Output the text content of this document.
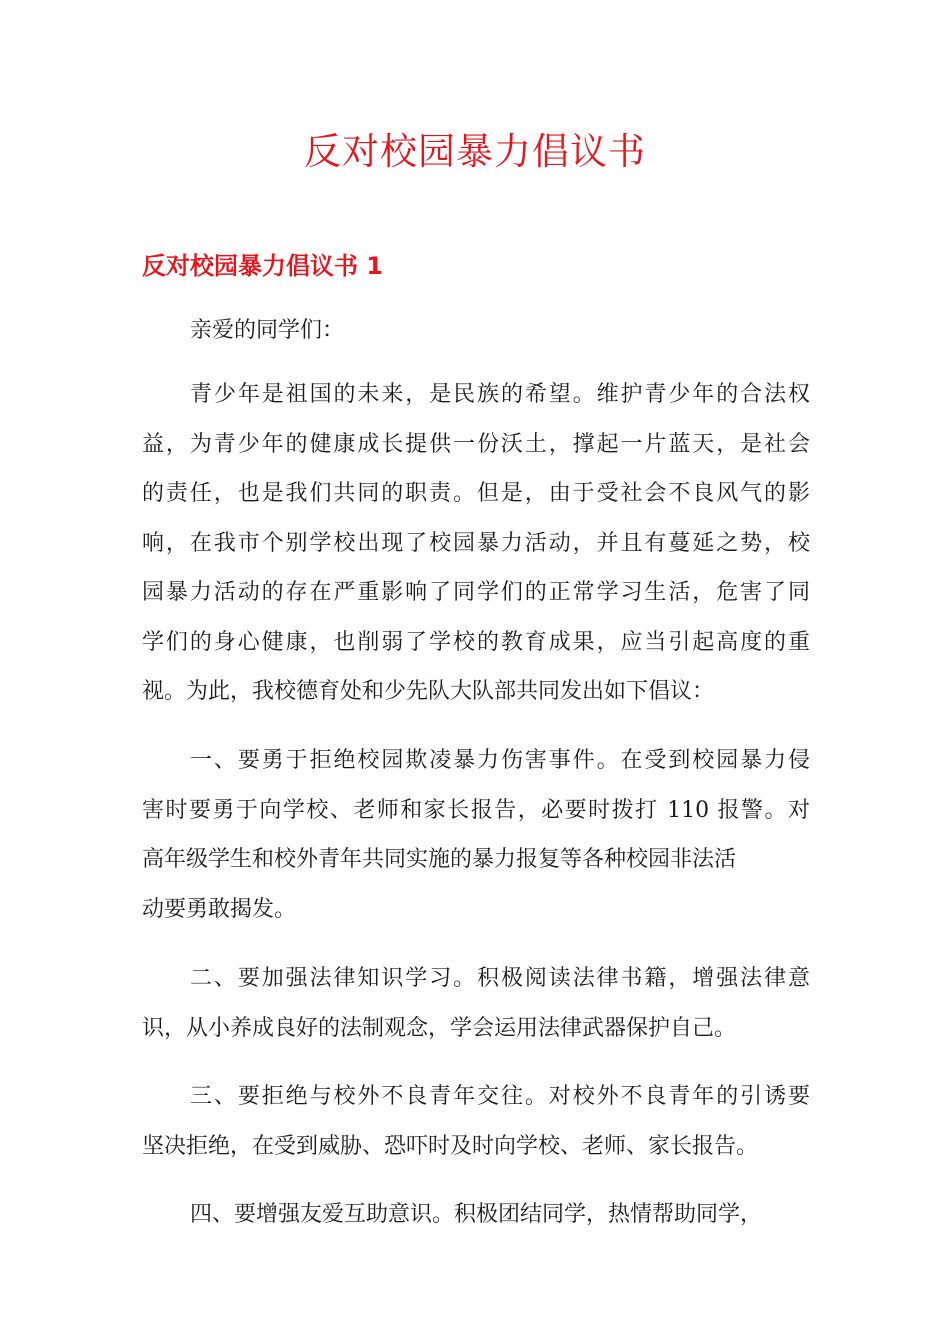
反对校园暴力倡议书
反对校园暴力倡议书 1

亲爱的同学们：

青少年是祖国的未来，是民族的希望。维护青少年的合法权
益，为青少年的健康成长提供一份沃土，撑起一片蓝天，是社会
的责任，也是我们共同的职责。但是，由于受社会不良风气的影
响，在我市个别学校出现了校园暴力活动，并且有蔓延之势，校
园暴力活动的存在严重影响了同学们的正常学习生活，危害了同
学们的身心健康，也削弱了学校的教育成果，应当引起高度的重
视。为此，我校德育处和少先队大队部共同发出如下倡议：
一、要勇于拒绝校园欺凌暴力伤害事件。在受到校园暴力侵
害时要勇于向学校、老师和家长报告，必要时拨打 110 报警。对
高年级学生和校外青年共同实施的暴力报复等各种校园非法活
动要勇敢揭发。
二、要加强法律知识学习。积极阅读法律书籍，增强法律意
识，从小养成良好的法制观念，学会运用法律武器保护自己。
三、要拒绝与校外不良青年交往。对校外不良青年的引诱要
坚决拒绝，在受到威胁、恐吓时及时向学校、老师、家长报告。
四、要增强友爱互助意识。积极团结同学，热情帮助同学，
